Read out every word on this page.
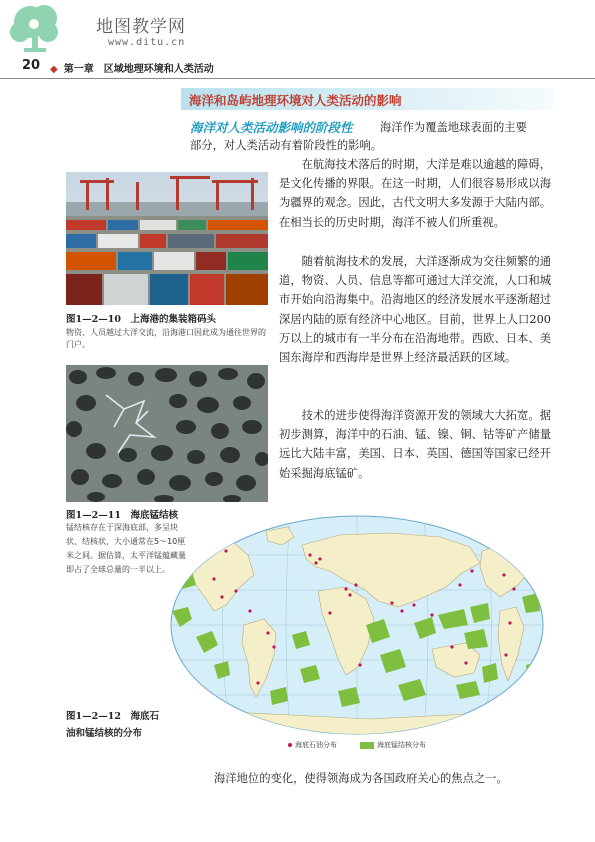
地图教学网
www.ditu.cn
20 ◆ 第一章　区域地理环境和人类活动
海洋和岛屿地理环境对人类活动的影响
海洋对人类活动影响的阶段性 海洋作为覆盖地球表面的主要
部分，对人类活动有着阶段性的影响。
在航海技术落后的时期，大洋是难以逾越的障碍，是文化传播的界限。在这一时期，人们很容易形成以海为疆界的观念。因此，古代文明大多发源于大陆内部。在相当长的历史时期，海洋不被人们所重视。
随着航海技术的发展，大洋逐渐成为交往频繁的通道，物资、人员、信息等都可通过大洋交流，人口和城市开始向沿海集中。沿海地区的经济发展水平逐渐超过深居内陆的原有经济中心地区。目前，世界上人口200万以上的城市有一半分布在沿海地带。西欧、日本、美国东海岸和西海岸是世界上经济最活跃的区域。
技术的进步使得海洋资源开发的领域大大拓宽。据初步测算，海洋中的石油、锰、镍、铜、钴等矿产储量远比大陆丰富，美国、日本、英国、德国等国家已经开始采掘海底锰矿。
图1—2—10　上海港的集装箱码头
物资、人员越过大洋交流，沿海港口因此成为通往世界的门户。
图1—2—11　海底锰结核
锰结核存在于深海底部，多呈块状、结核状，大小通常在5～10厘米之间。据估算，太平洋锰蕴藏量即占了全球总量的一半以上。
图1—2—12　海底石油和锰结核的分布
海底石油分布	海底锰结核分布
海洋地位的变化，使得领海成为各国政府关心的焦点之一。
